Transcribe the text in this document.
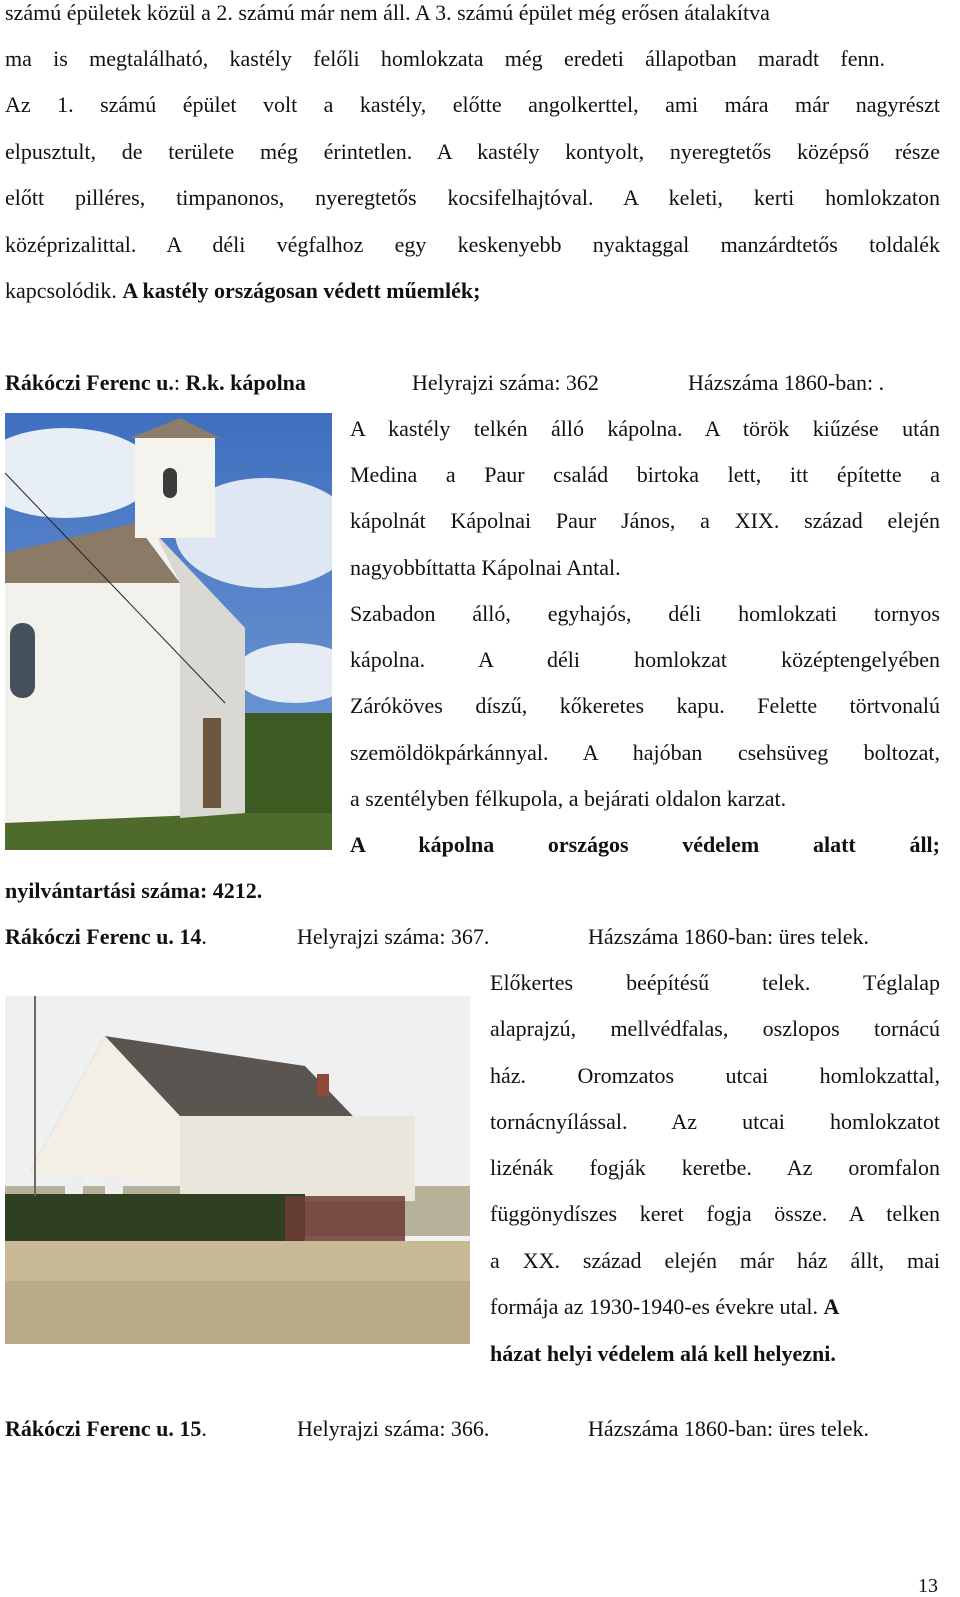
számú épületek közül a 2. számú már nem áll. A 3. számú épület még erősen átalakítva
ma is megtalálható, kastély felőli homlokzata még eredeti állapotban maradt fenn.
Az 1. számú épület volt a kastély, előtte angolkerttel, ami mára már nagyrészt
elpusztult, de területe még érintetlen. A kastély kontyolt, nyeregtetős középső része
előtt pilléres, timpanonos, nyeregtetős kocsifelhajtóval. A keleti, kerti homlokzaton
középrizalittal. A déli végfalhoz egy keskenyebb nyaktaggal manzárdtetős toldalék
kapcsolódik. A kastély országosan védett műemlék;
Rákóczi Ferenc u.: R.k. kápolna	Helyrajzi száma: 362	Házszáma 1860-ban: .
A kastély telkén álló kápolna. A török kiűzése után
Medina a Paur család birtoka lett, itt építette a
kápolnát Kápolnai Paur János, a XIX. század elején
nagyobbíttatta Kápolnai Antal.
Szabadon álló, egyhajós, déli homlokzati tornyos
kápolna. A déli homlokzat középtengelyében
Záróköves díszű, kőkeretes kapu. Felette törtvonalú
szemöldökpárkánnyal. A hajóban csehsüveg boltozat,
a szentélyben félkupola, a bejárati oldalon karzat.
A kápolna országos védelem alatt áll;
nyilvántartási száma: 4212.
Rákóczi Ferenc u. 14.	Helyrajzi száma: 367.	Házszáma 1860-ban: üres telek.
Előkertes beépítésű telek. Téglalap
alaprajzú, mellvédfalas, oszlopos tornácú
ház. Oromzatos utcai homlokzattal,
tornácnyílással. Az utcai homlokzatot
lizénák fogják keretbe. Az oromfalon
függönydíszes keret fogja össze. A telken
a XX. század elején már ház állt, mai
formája az 1930-1940-es évekre utal. A
házat helyi védelem alá kell helyezni.
Rákóczi Ferenc u. 15.	Helyrajzi száma: 366.	Házszáma 1860-ban: üres telek.
13
